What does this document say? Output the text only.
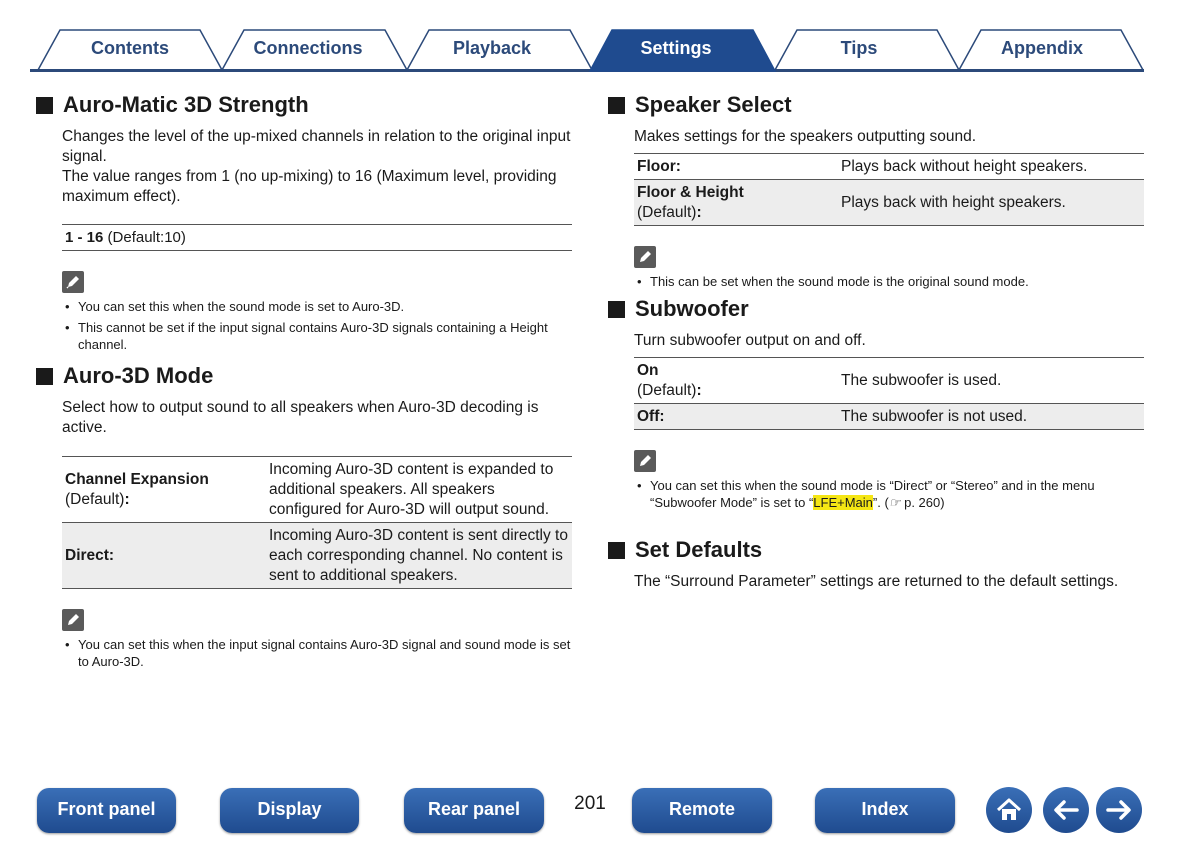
Contents	Connections	Playback	Settings	Tips	Appendix
Auro-Matic 3D Strength
Changes the level of the up-mixed channels in relation to the original input signal.
The value ranges from 1 (no up-mixing) to 16 (Maximum level, providing maximum effect).
1 - 16 (Default:10)
• You can set this when the sound mode is set to Auro-3D.
• This cannot be set if the input signal contains Auro-3D signals containing a Height channel.
Auro-3D Mode
Select how to output sound to all speakers when Auro-3D decoding is active.
Channel Expansion
(Default):	Incoming Auro-3D content is expanded to additional speakers. All speakers configured for Auro-3D will output sound.
Direct:	Incoming Auro-3D content is sent directly to each corresponding channel. No content is sent to additional speakers.
• You can set this when the input signal contains Auro-3D signal and sound mode is set to Auro-3D.
Speaker Select
Makes settings for the speakers outputting sound.
Floor:	Plays back without height speakers.
Floor & Height
(Default):	Plays back with height speakers.
• This can be set when the sound mode is the original sound mode.
Subwoofer
Turn subwoofer output on and off.
On
(Default):	The subwoofer is used.
Off:	The subwoofer is not used.
• You can set this when the sound mode is “Direct” or “Stereo” and in the menu “Subwoofer Mode” is set to “LFE+Main”. (☞ p. 260)
Set Defaults
The “Surround Parameter” settings are returned to the default settings.
Front panel	Display	Rear panel	201	Remote	Index
